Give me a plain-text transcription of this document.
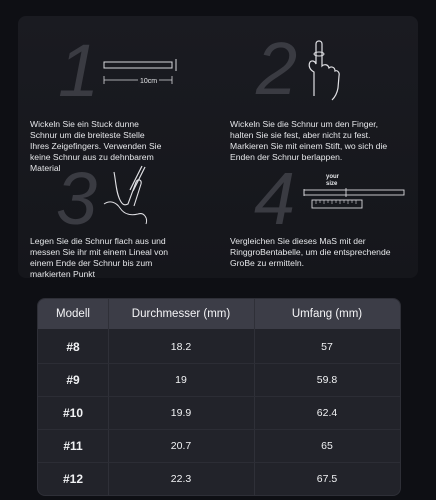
1	10cm
Wickeln Sie ein Stuck dunne
Schnur um die breiteste Stelle
Ihres Zeigefingers. Verwenden Sie
keine Schnur aus zu dehnbarem
Material
2
Wickeln Sie die Schnur um den Finger,
halten Sie sie fest, aber nicht zu fest.
Markieren Sie mit einem Stift, wo sich die
Enden der Schnur berlappen.
3
Legen Sie die Schnur flach aus und
messen Sie ihr mit einem Lineal von
einem Ende der Schnur bis zum
markierten Punkt
4	your
size
Vergleichen Sie dieses MaS mit der
RinggroBentabelle, um die entsprechende
GroBe zu ermitteln.
Modell	Durchmesser (mm)	Umfang (mm)
#8	18.2	57
#9	19	59.8
#10	19.9	62.4
#11	20.7	65
#12	22.3	67.5
